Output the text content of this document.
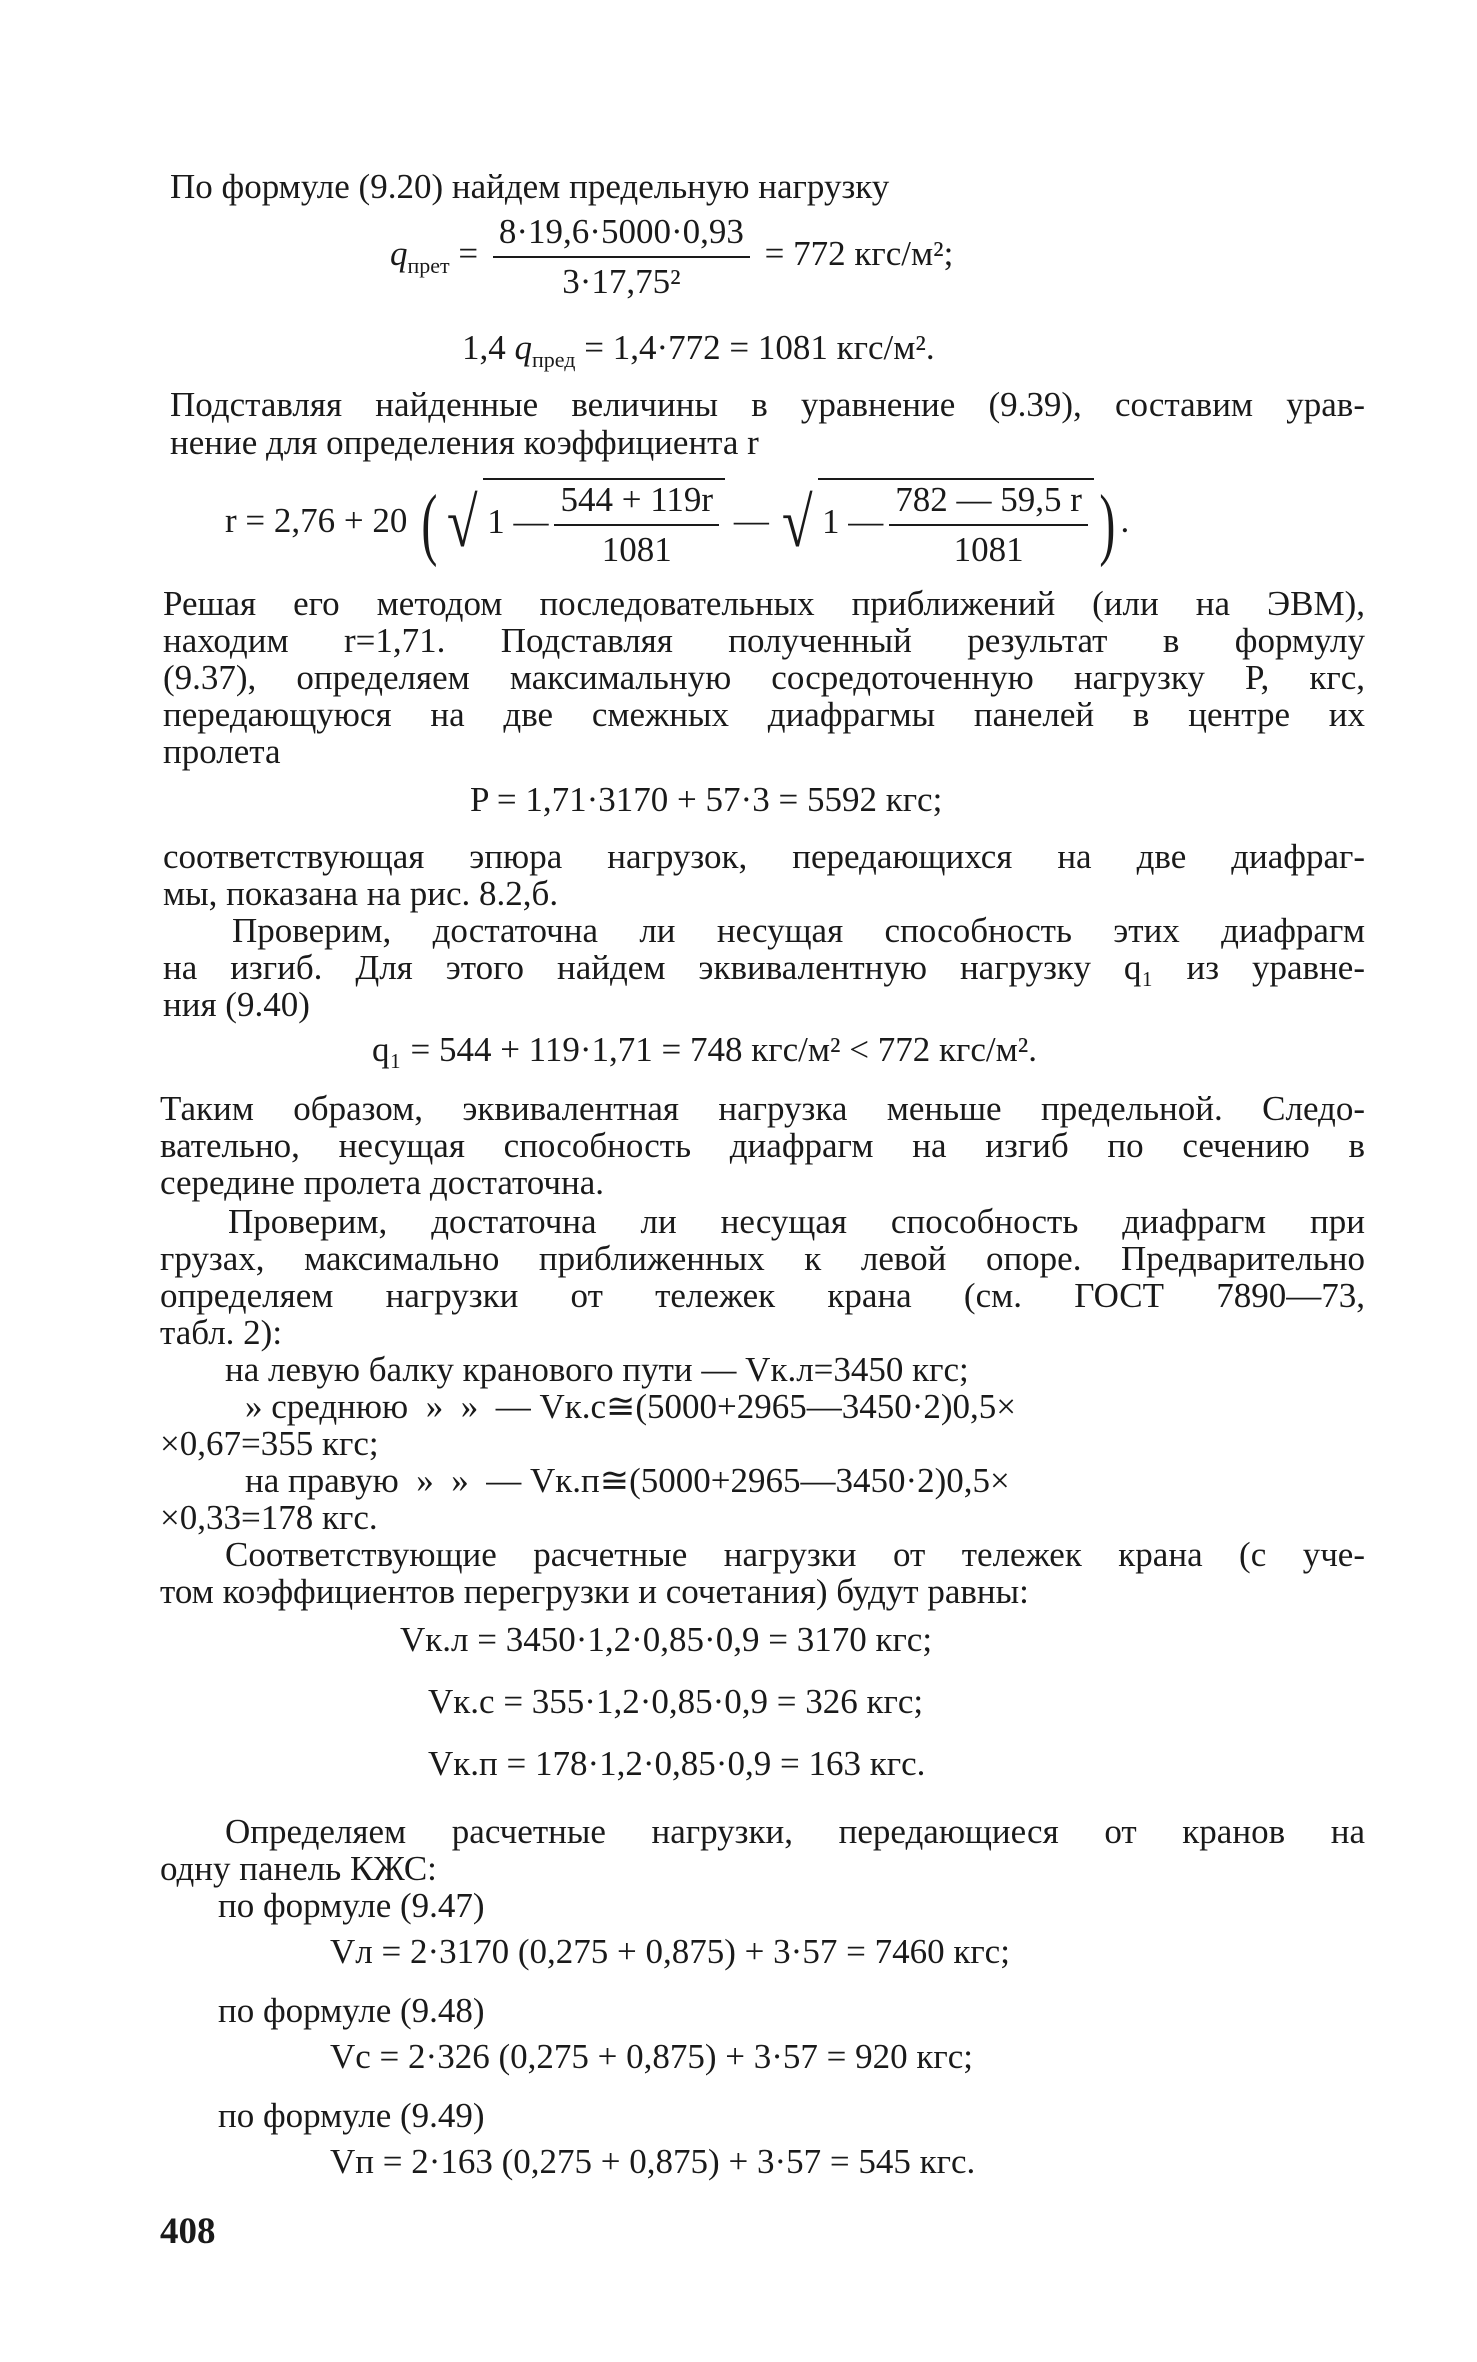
По формуле (9.20) найдем предельную нагрузку
$q_{прет} = \frac{8\cdot 19,6\cdot 5000\cdot 0,93}{\text{3·17,75²}} = 772$ кгс/м²;
1,4 $q_{пред} = 1,4\cdot 772 = 1081$ кгс/м².
Подставляя найденные величины в уравнение (9.39), составим урав-
нение для определения коэффициента r
r = 2,76 + 20 ( √ 1 — $\frac{544 + 119r}{1081}$ — √ 1 — $\frac{782 — 59,5 r}{1081}$ ) .
Решая его методом последовательных приближений (или на ЭВМ),
находим r=1,71. Подставляя полученный результат в формулу
(9.37), определяем максимальную сосредоточенную нагрузку P, кгс,
передающуюся на две смежных диафрагмы панелей в центре их
пролета
P = 1,71·3170 + 57·3 = 5592 кгс;
соответствующая эпюра нагрузок, передающихся на две диафраг-
мы, показана на рис. 8.2,б.
Проверим, достаточна ли несущая способность этих диафрагм
на изгиб. Для этого найдем эквивалентную нагрузку q₁ из уравне-
ния (9.40)
q₁ = 544 + 119·1,71 = 748 кгс/м² < 772 кгс/м².
Таким образом, эквивалентная нагрузка меньше предельной. Следо-
вательно, несущая способность диафрагм на изгиб по сечению в
середине пролета достаточна.
Проверим, достаточна ли несущая способность диафрагм при
грузах, максимально приближенных к левой опоре. Предварительно
определяем нагрузки от тележек крана (см. ГОСТ 7890—73,
табл. 2):
на левую балку кранового пути — Vк.л=3450 кгс;
» среднюю  »  »  — Vк.с≅(5000+2965—3450·2)0,5×
×0,67=355 кгс;
на правую  »  »  — Vк.п≅(5000+2965—3450·2)0,5×
×0,33=178 кгс.
Соответствующие расчетные нагрузки от тележек крана (с уче-
том коэффициентов перегрузки и сочетания) будут равны:
Vк.л = 3450·1,2·0,85·0,9 = 3170 кгс;
Vк.с = 355·1,2·0,85·0,9 = 326 кгс;
Vк.п = 178·1,2·0,85·0,9 = 163 кгс.
Определяем расчетные нагрузки, передающиеся от кранов на
одну панель КЖС:
по формуле (9.47)
Vл = 2·3170 (0,275 + 0,875) + 3·57 = 7460 кгс;
по формуле (9.48)
Vс = 2·326 (0,275 + 0,875) + 3·57 = 920 кгс;
по формуле (9.49)
Vп = 2·163 (0,275 + 0,875) + 3·57 = 545 кгс.
408
